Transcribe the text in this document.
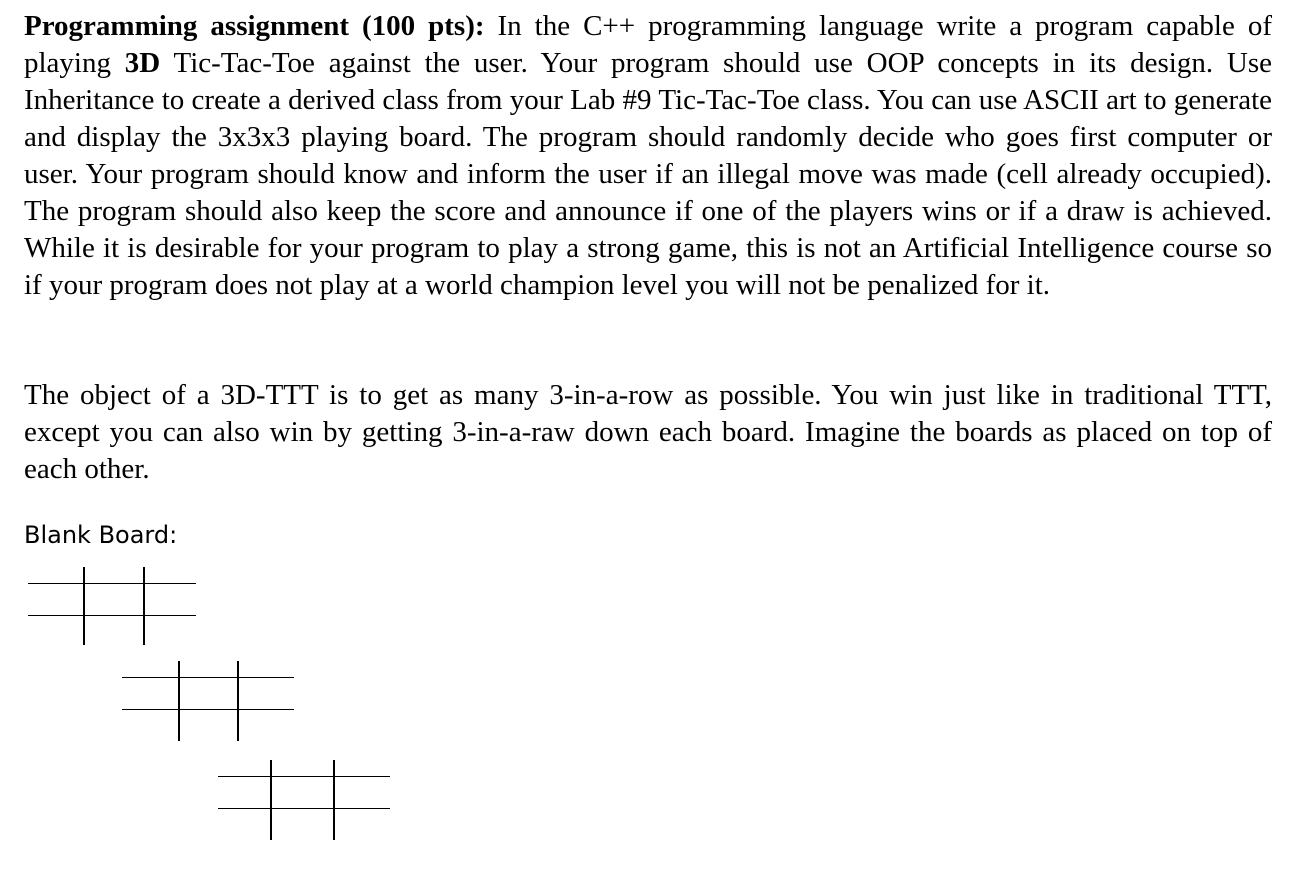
Programming assignment (100 pts): In the C++ programming language write a program capable of playing 3D Tic-Tac-Toe against the user. Your program should use OOP concepts in its design. Use Inheritance to create a derived class from your Lab #9 Tic-Tac-Toe class. You can use ASCII art to generate and display the 3x3x3 playing board. The program should randomly decide who goes first computer or user. Your program should know and inform the user if an illegal move was made (cell already occupied). The program should also keep the score and announce if one of the players wins or if a draw is achieved. While it is desirable for your program to play a strong game, this is not an Artificial Intelligence course so if your program does not play at a world champion level you will not be penalized for it.

The object of a 3D-TTT is to get as many 3-in-a-row as possible. You win just like in traditional TTT, except you can also win by getting 3-in-a-raw down each board. Imagine the boards as placed on top of each other.

Blank Board:
